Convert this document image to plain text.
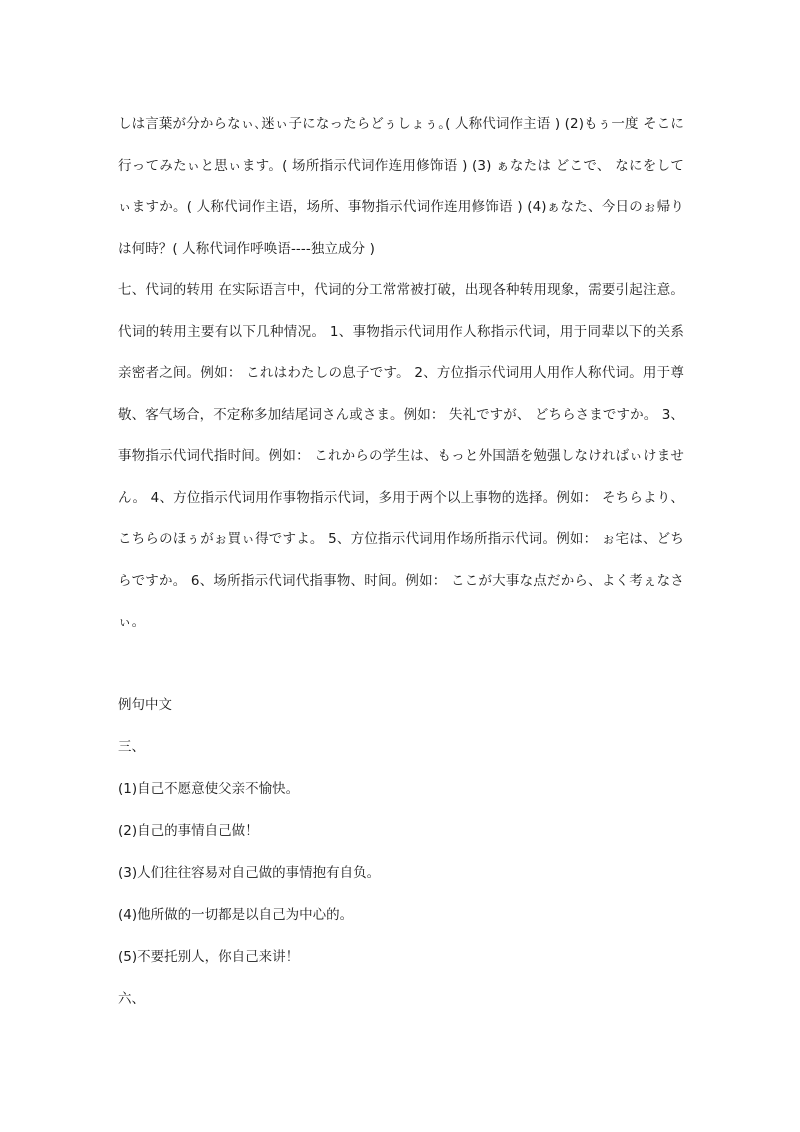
しは言葉が分からなぃ､迷ぃ子になったらどぅしょぅ｡( 人称代词作主语 ) (2)もぅ一度 そこに行ってみたぃと思ぃます。( 场所指示代词作连用修饰语 ) (3) ぁなたは どこで、 なにをしてぃますか。( 人称代词作主语，场所、事物指示代词作连用修饰语 ) (4)ぁなた、今日のぉ帰りは何時？( 人称代词作呼唤语----独立成分 )

七、代词的转用 在实际语言中，代词的分工常常被打破，出现各种转用现象，需要引起注意。 代词的转用主要有以下几种情况。 1、事物指示代词用作人称指示代词，用于同辈以下的关系亲密者之间。例如： これはわたしの息子です。 2、方位指示代词用人用作人称代词。用于尊敬、客气场合，不定称多加结尾词さん或さま。例如： 失礼ですが、 どちらさまですか。 3、事物指示代词代指时间。例如： これからの学生は、もっと外国語を勉强しなければぃけません。 4、方位指示代词用作事物指示代词，多用于两个以上事物的选择。例如： そちらより、こちらのほぅがぉ買ぃ得ですよ。 5、方位指示代词用作场所指示代词。例如： ぉ宅は、どちらですか。 6、场所指示代词代指事物、时间。例如： ここが大事な点だから、よく考ぇなさぃ。

例句中文
三、
(1)自己不愿意使父亲不愉快。
(2)自己的事情自己做！
(3)人们往往容易对自己做的事情抱有自负。
(4)他所做的一切都是以自己为中心的。
(5)不要托别人，你自己来讲！
六、
